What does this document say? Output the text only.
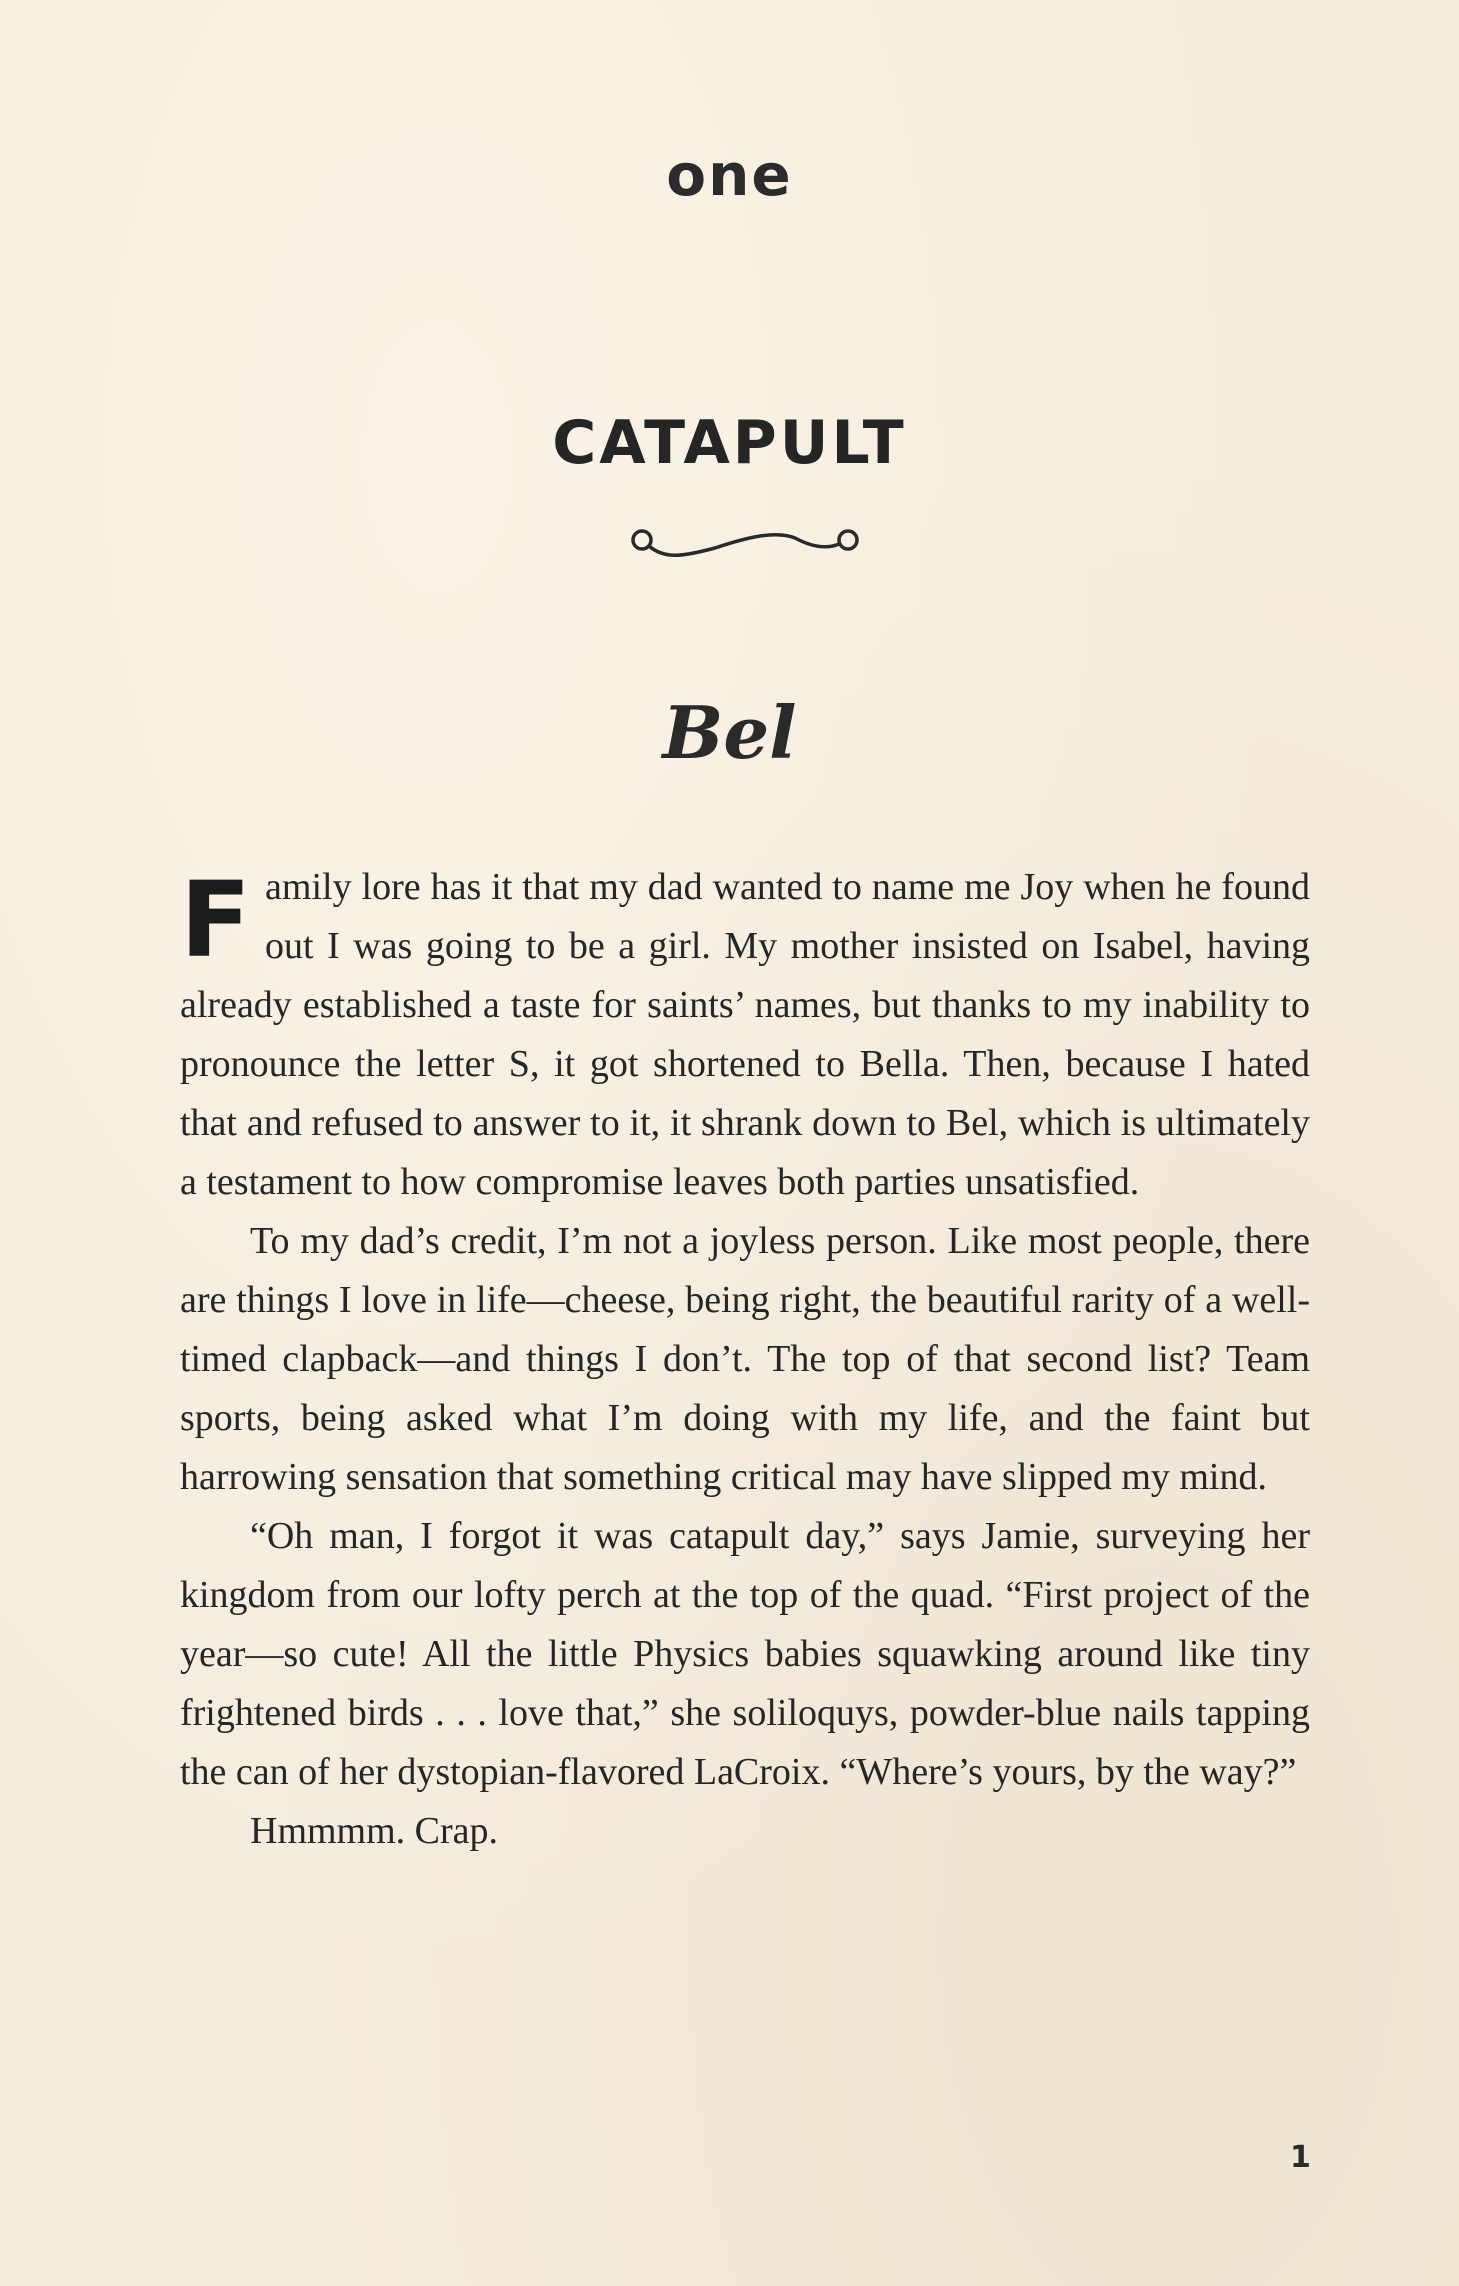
one
CATAPULT
Bel

Family lore has it that my dad wanted to name me Joy when he found out I was going to be a girl. My mother insisted on Isabel, having already established a taste for saints’ names, but thanks to my inability to pronounce the letter S, it got shortened to Bella. Then, because I hated that and refused to answer to it, it shrank down to Bel, which is ultimately a testament to how compromise leaves both parties unsatisfied.

To my dad’s credit, I’m not a joyless person. Like most people, there are things I love in life—cheese, being right, the beautiful rarity of a well-timed clapback—and things I don’t. The top of that second list? Team sports, being asked what I’m doing with my life, and the faint but harrowing sensation that something critical may have slipped my mind.

“Oh man, I forgot it was catapult day,” says Jamie, surveying her kingdom from our lofty perch at the top of the quad. “First project of the year—so cute! All the little Physics babies squawking around like tiny frightened birds . . . love that,” she soliloquys, powder-blue nails tapping the can of her dystopian-flavored LaCroix. “Where’s yours, by the way?”

Hmmmm. Crap.

1
